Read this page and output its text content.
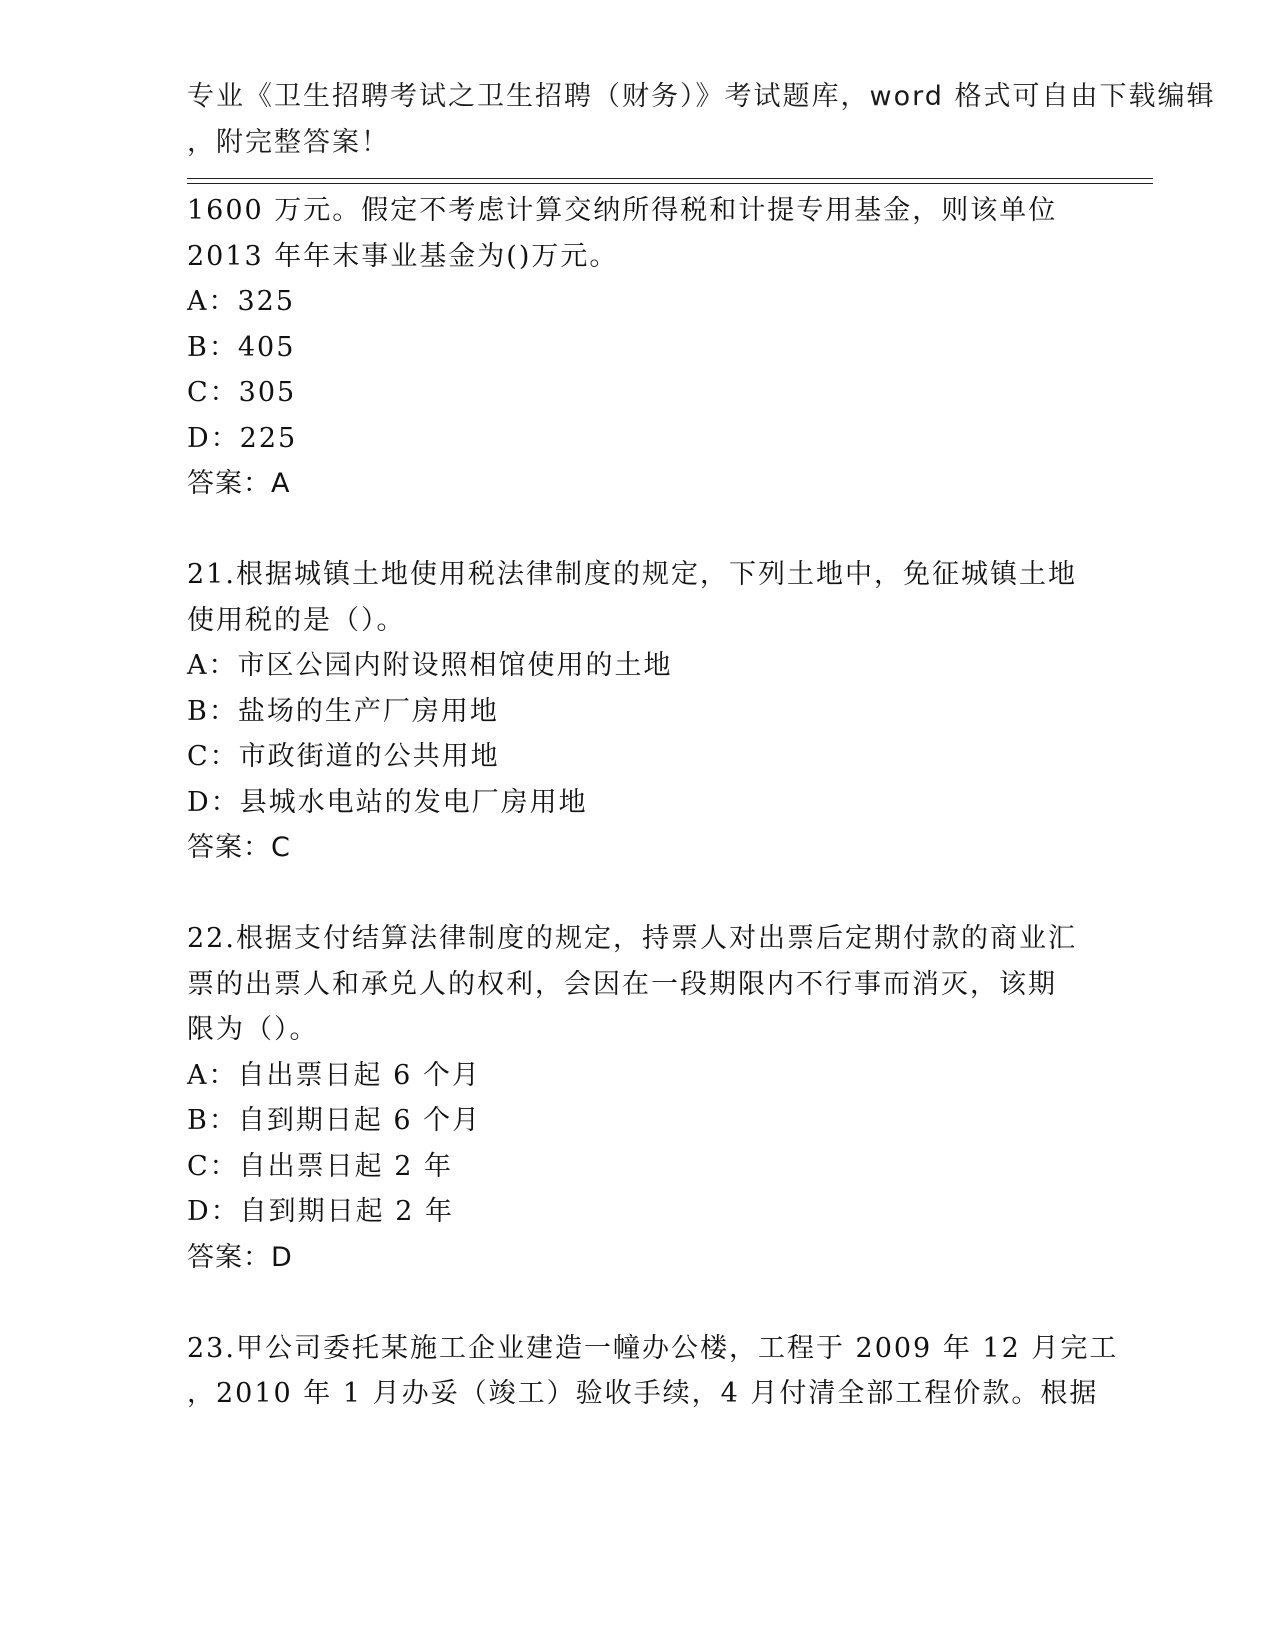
专业《卫生招聘考试之卫生招聘（财务）》考试题库，word 格式可自由下载编辑
，附完整答案！
1600 万元。假定不考虑计算交纳所得税和计提专用基金，则该单位
2013 年年末事业基金为()万元。
A：325
B：405
C：305
D：225
答案：A
21.根据城镇土地使用税法律制度的规定，下列土地中，免征城镇土地
使用税的是（）。
A：市区公园内附设照相馆使用的土地
B：盐场的生产厂房用地
C：市政街道的公共用地
D：县城水电站的发电厂房用地
答案：C
22.根据支付结算法律制度的规定，持票人对出票后定期付款的商业汇
票的出票人和承兑人的权利，会因在一段期限内不行事而消灭，该期
限为（）。
A：自出票日起 6 个月
B：自到期日起 6 个月
C：自出票日起 2 年
D：自到期日起 2 年
答案：D
23.甲公司委托某施工企业建造一幢办公楼，工程于 2009 年 12 月完工
，2010 年 1 月办妥（竣工）验收手续，4 月付清全部工程价款。根据
